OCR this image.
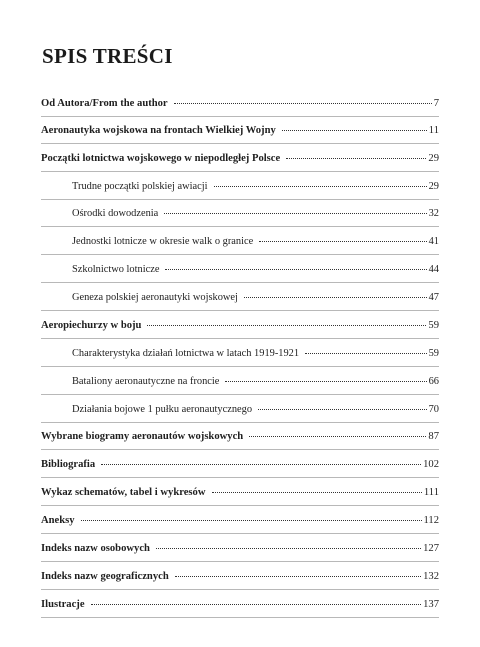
SPIS TREŚCI
Od Autora/From the author	7
Aeronautyka wojskowa na frontach Wielkiej Wojny	11
Początki lotnictwa wojskowego w niepodległej Polsce	29
Trudne początki polskiej awiacji	29
Ośrodki dowodzenia	32
Jednostki lotnicze w okresie walk o granice	41
Szkolnictwo lotnicze	44
Geneza polskiej aeronautyki wojskowej	47
Aeropiechurzy w boju	59
Charakterystyka działań lotnictwa w latach 1919-1921	59
Bataliony aeronautyczne na froncie	66
Działania bojowe 1 pułku aeronautycznego	70
Wybrane biogramy aeronautów wojskowych	87
Bibliografia	102
Wykaz schematów, tabel i wykresów	111
Aneksy	112
Indeks nazw osobowych	127
Indeks nazw geograficznych	132
Ilustracje	137
